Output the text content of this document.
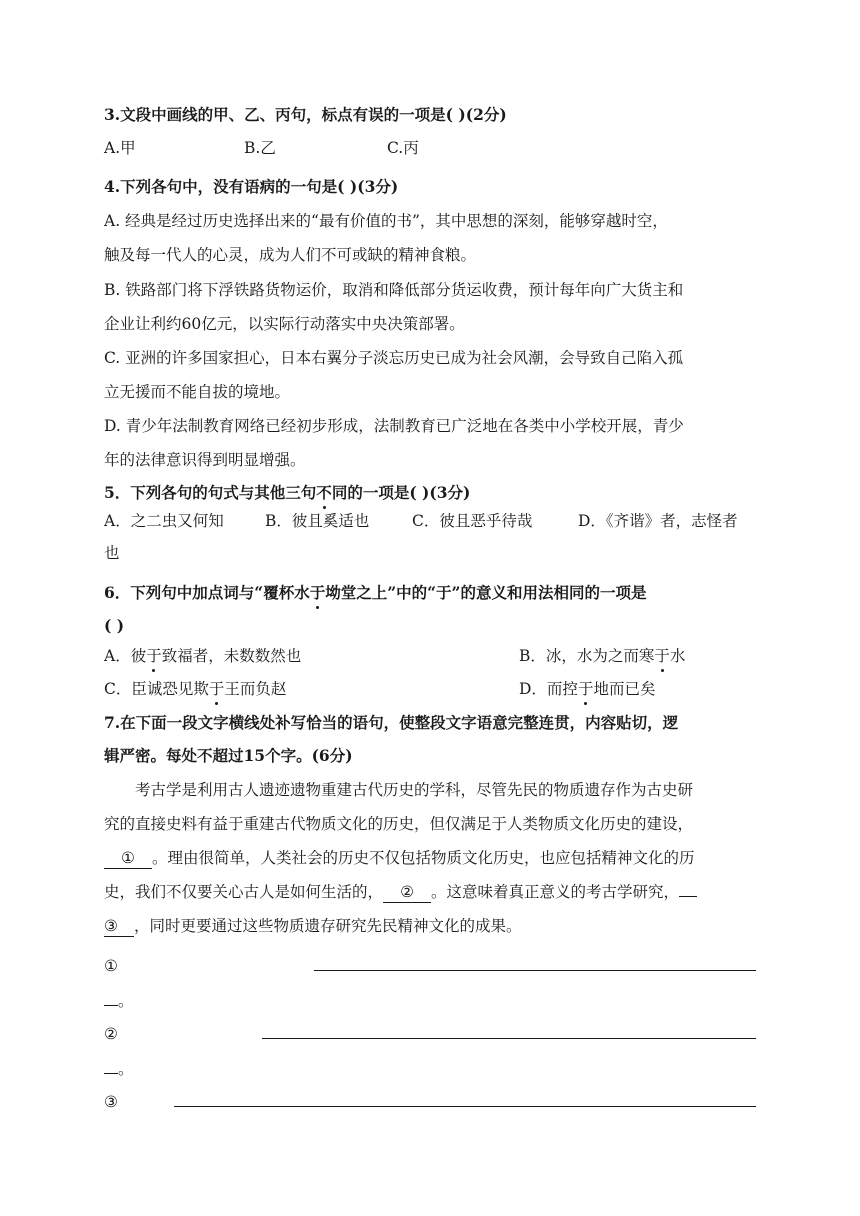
3.文段中画线的甲、乙、丙句，标点有误的一项是( )(2分)
A.甲	B.乙	C.丙
4.下列各句中，没有语病的一句是( )(3分)
A. 经典是经过历史选择出来的“最有价值的书”，其中思想的深刻，能够穿越时空，
触及每一代人的心灵，成为人们不可或缺的精神食粮。
B. 铁路部门将下浮铁路货物运价，取消和降低部分货运收费，预计每年向广大货主和
企业让利约60亿元，以实际行动落实中央决策部署。
C. 亚洲的许多国家担心，日本右翼分子淡忘历史已成为社会风潮，会导致自己陷入孤
立无援而不能自拔的境地。
D. 青少年法制教育网络已经初步形成，法制教育已广泛地在各类中小学校开展，青少
年的法律意识得到明显增强。
5．下列各句的句式与其他三句不同的一项是( )(3分)
A．之二虫又何知	B．彼且奚适也	C．彼且恶乎待哉	D．《齐谐》者，志怪者
也
6．下列句中加点词与“覆杯水于坳堂之上”中的“于”的意义和用法相同的一项是
( )
A．彼于致福者，未数数然也	B．冰，水为之而寒于水
C．臣诚恐见欺于王而负赵	D．而控于地而已矣
7.在下面一段文字横线处补写恰当的语句，使整段文字语意完整连贯，内容贴切，逻
辑严密。每处不超过15个字。(6分)
考古学是利用古人遗迹遗物重建古代历史的学科，尽管先民的物质遗存作为古史研
究的直接史料有益于重建古代物质文化的历史，但仅满足于人类物质文化历史的建设，
① 。理由很简单，人类社会的历史不仅包括物质文化历史，也应包括精神文化的历
史，我们不仅要关心古人是如何生活的， ② 。这意味着真正意义的考古学研究，
③ ，同时更要通过这些物质遗存研究先民精神文化的成果。
①
。
②
。
③
